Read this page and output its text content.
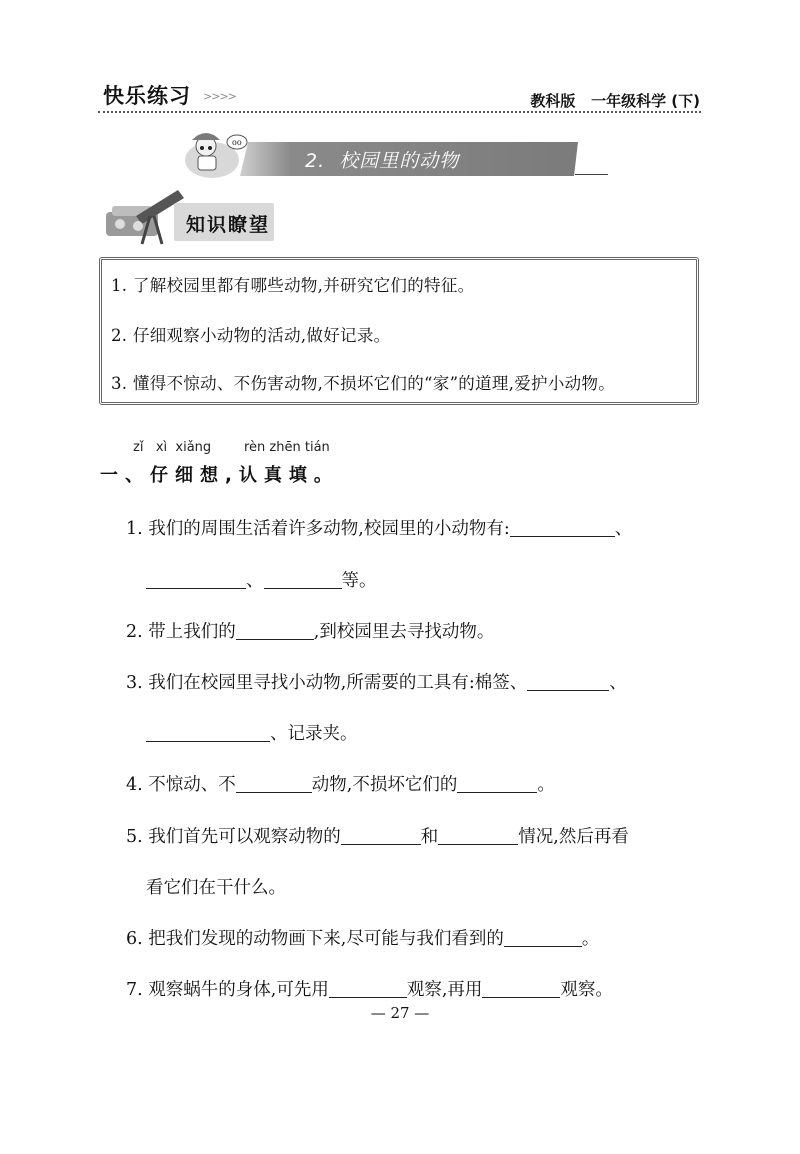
快乐练习 >>>>	教科版 一年级科学 (下)
oo
2.  校园里的动物
知识瞭望
1. 了解校园里都有哪些动物,并研究它们的特征。
2. 仔细观察小动物的活动,做好记录。
3. 懂得不惊动、不伤害动物,不损坏它们的“家”的道理,爱护小动物。
zǐ   xì  xiǎng	rèn zhēn tián
一、仔细想,认真填。
1. 我们的周围生活着许多动物,校园里的小动物有:	、
、	等。
2. 带上我们的	,到校园里去寻找动物。
3. 我们在校园里寻找小动物,所需要的工具有:棉签、	、
、记录夹。
4. 不惊动、不	动物,不损坏它们的	。
5. 我们首先可以观察动物的	和	情况,然后再看
看它们在干什么。
6. 把我们发现的动物画下来,尽可能与我们看到的	。
7. 观察蜗牛的身体,可先用	观察,再用	观察。
— 27 —
